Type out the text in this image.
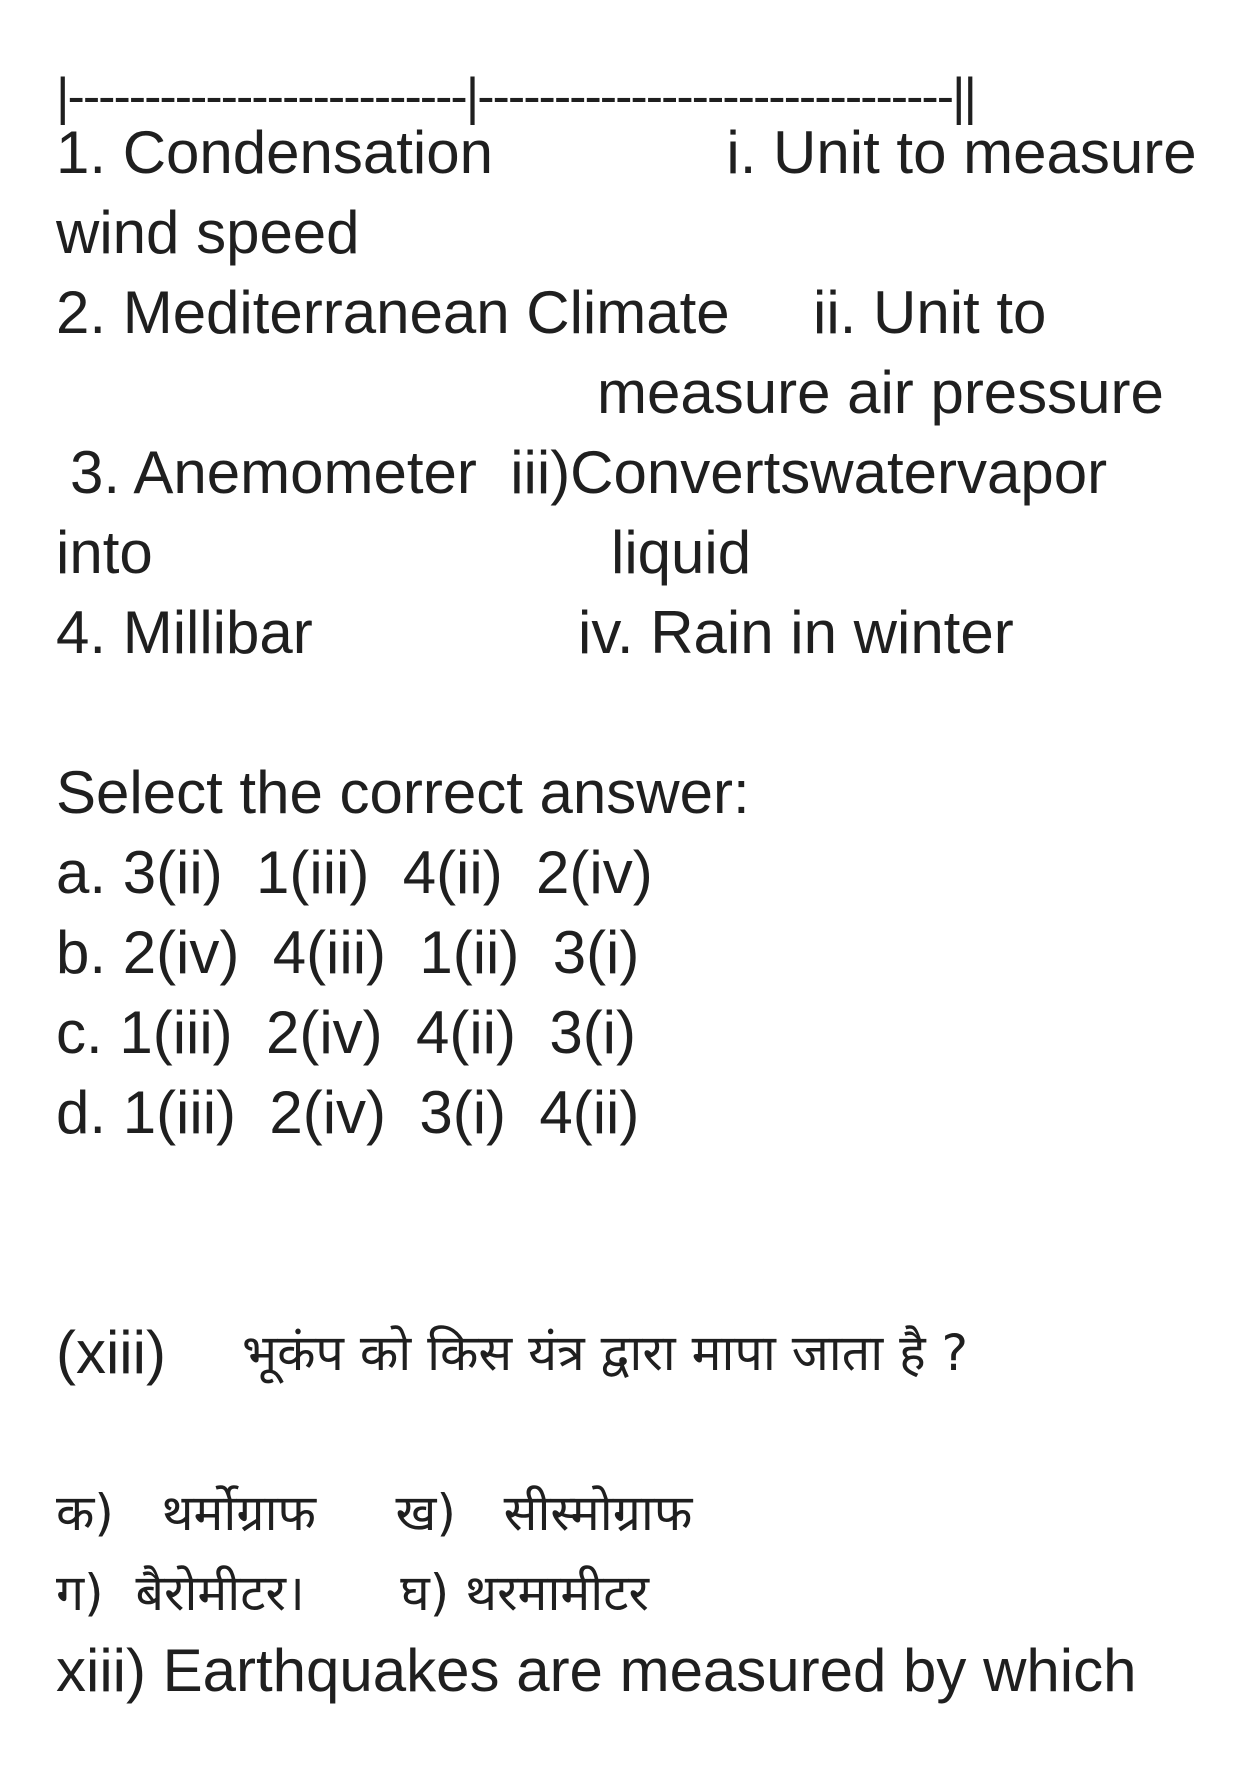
|--------------------------|-------------------------------||
1. Condensation              i. Unit to measure
wind speed
2. Mediterranean Climate     ii. Unit to
measure air pressure
3. Anemometer  iii)Convertswatervapor
into	liquid
4. Millibar	iv. Rain in winter
Select the correct answer:
a. 3(ii)  1(iii)  4(ii)  2(iv)
b. 2(iv)  4(iii)  1(ii)  3(i)
c. 1(iii)  2(iv)  4(ii)  3(i)
d. 1(iii)  2(iv)  3(i)  4(ii)
(xiii) भूकंप को किस यंत्र द्वारा मापा जाता है ?
क)   थर्मोग्राफ     ख)   सीस्मोग्राफ
ग)  बैरोमीटर।      घ) थरमामीटर
xiii) Earthquakes are measured by which
